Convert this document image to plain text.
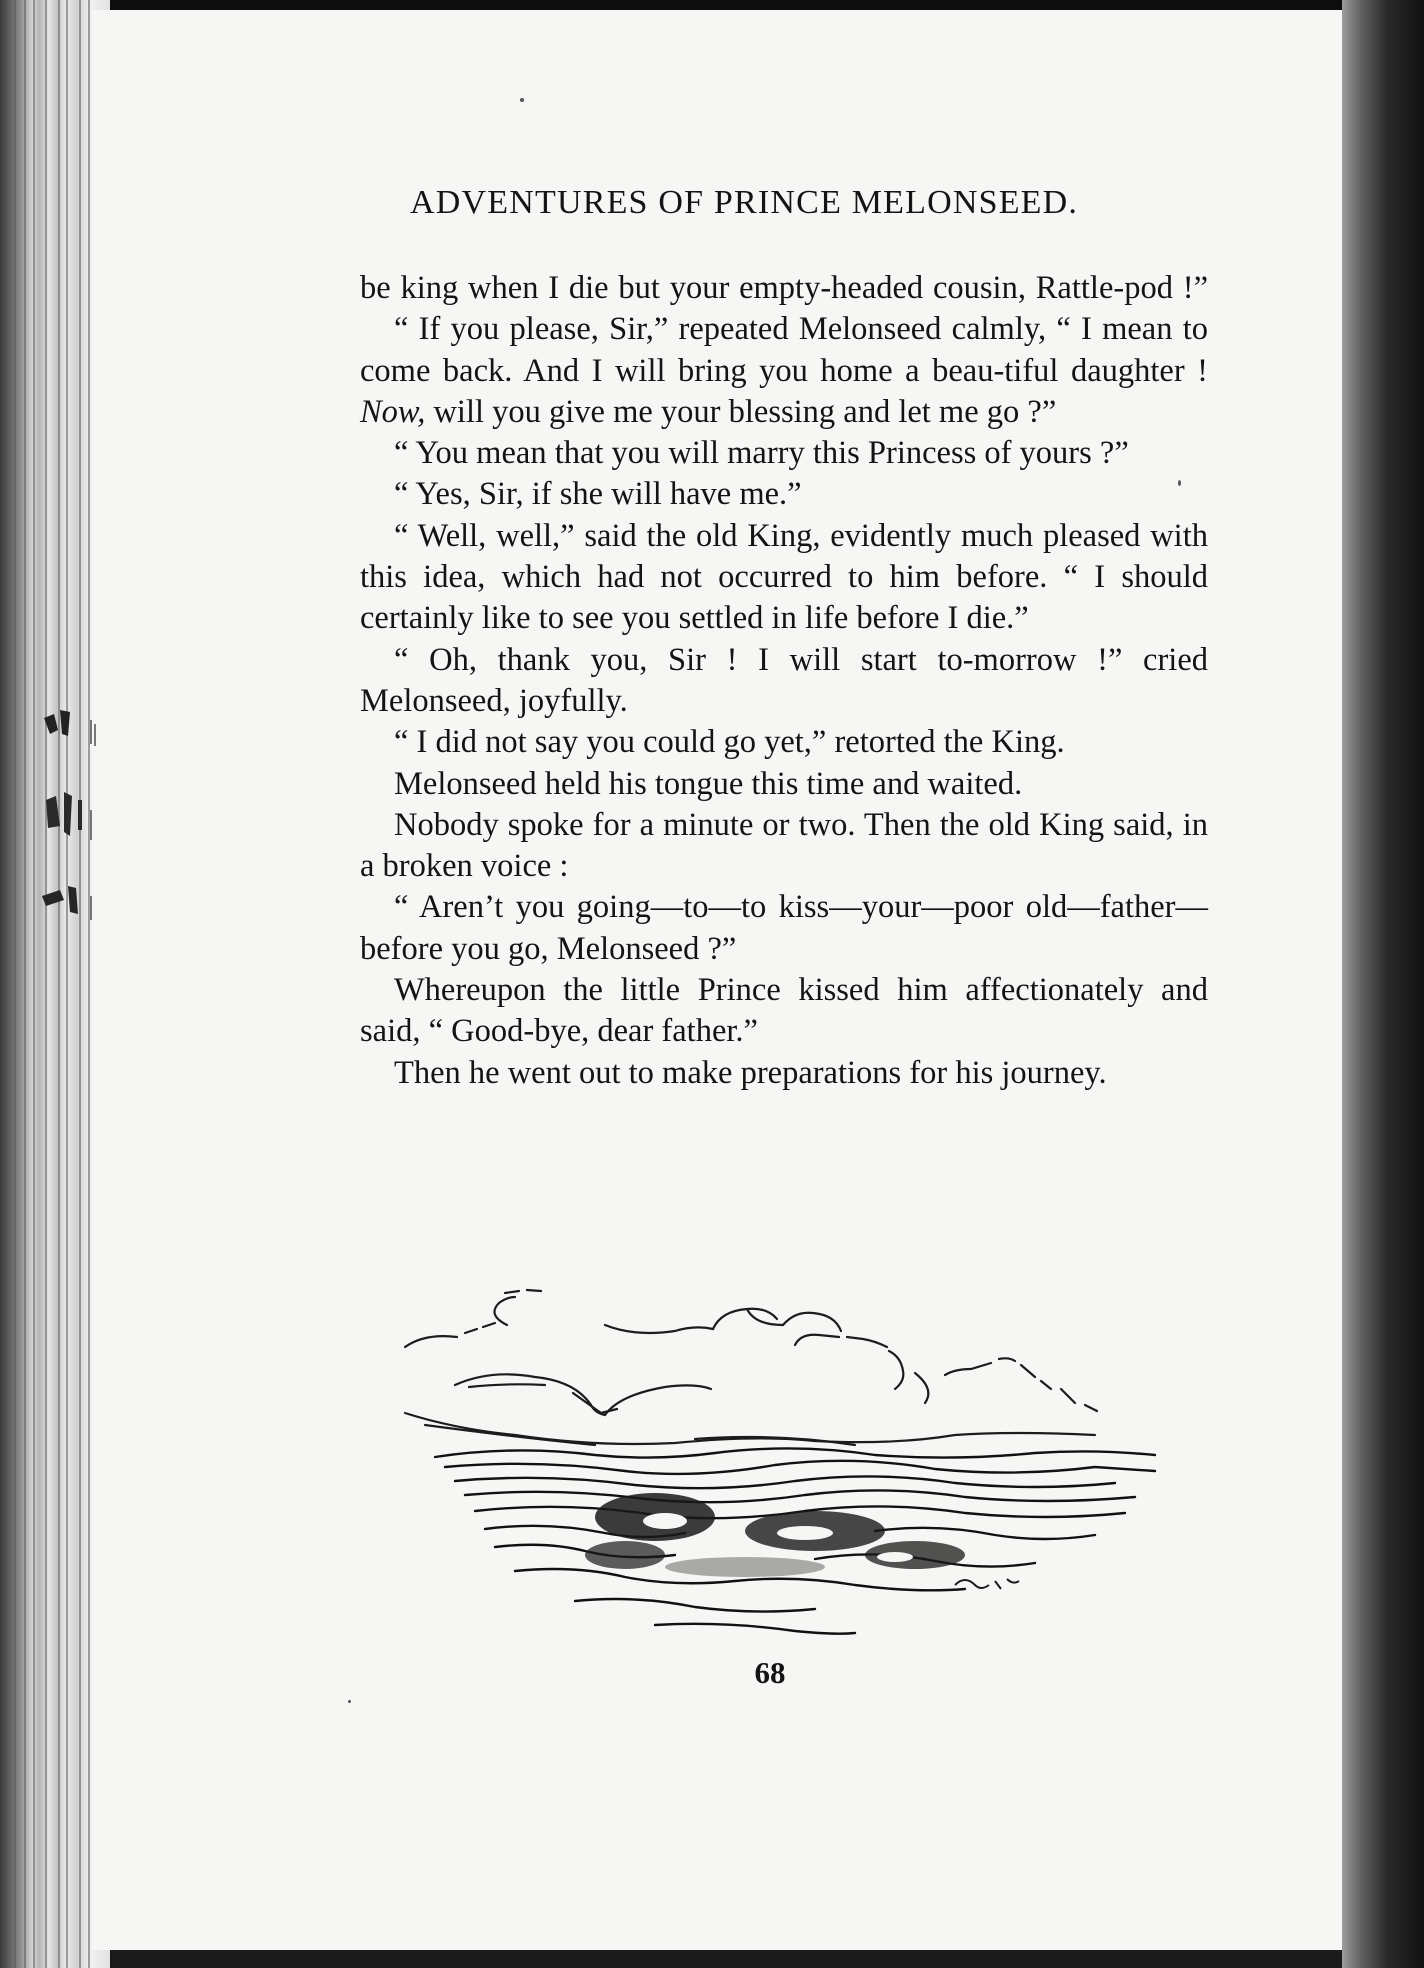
ADVENTURES OF PRINCE MELONSEED.

be king when I die but your empty-headed cousin, Rattle-pod !”

“ If you please, Sir,” repeated Melonseed calmly, “ I mean to come back. And I will bring you home a beau-tiful daughter ! Now, will you give me your blessing and let me go ?”

“ You mean that you will marry this Princess of yours ?”

“ Yes, Sir, if she will have me.”

“ Well, well,” said the old King, evidently much pleased with this idea, which had not occurred to him before. “ I should certainly like to see you settled in life before I die.”

“ Oh, thank you, Sir ! I will start to-morrow !” cried Melonseed, joyfully.

“ I did not say you could go yet,” retorted the King.

Melonseed held his tongue this time and waited.

Nobody spoke for a minute or two. Then the old King said, in a broken voice :

“ Aren’t you going—to—to kiss—your—poor old—father—before you go, Melonseed ?”

Whereupon the little Prince kissed him affectionately and said, “ Good-bye, dear father.”

Then he went out to make preparations for his journey.

68
